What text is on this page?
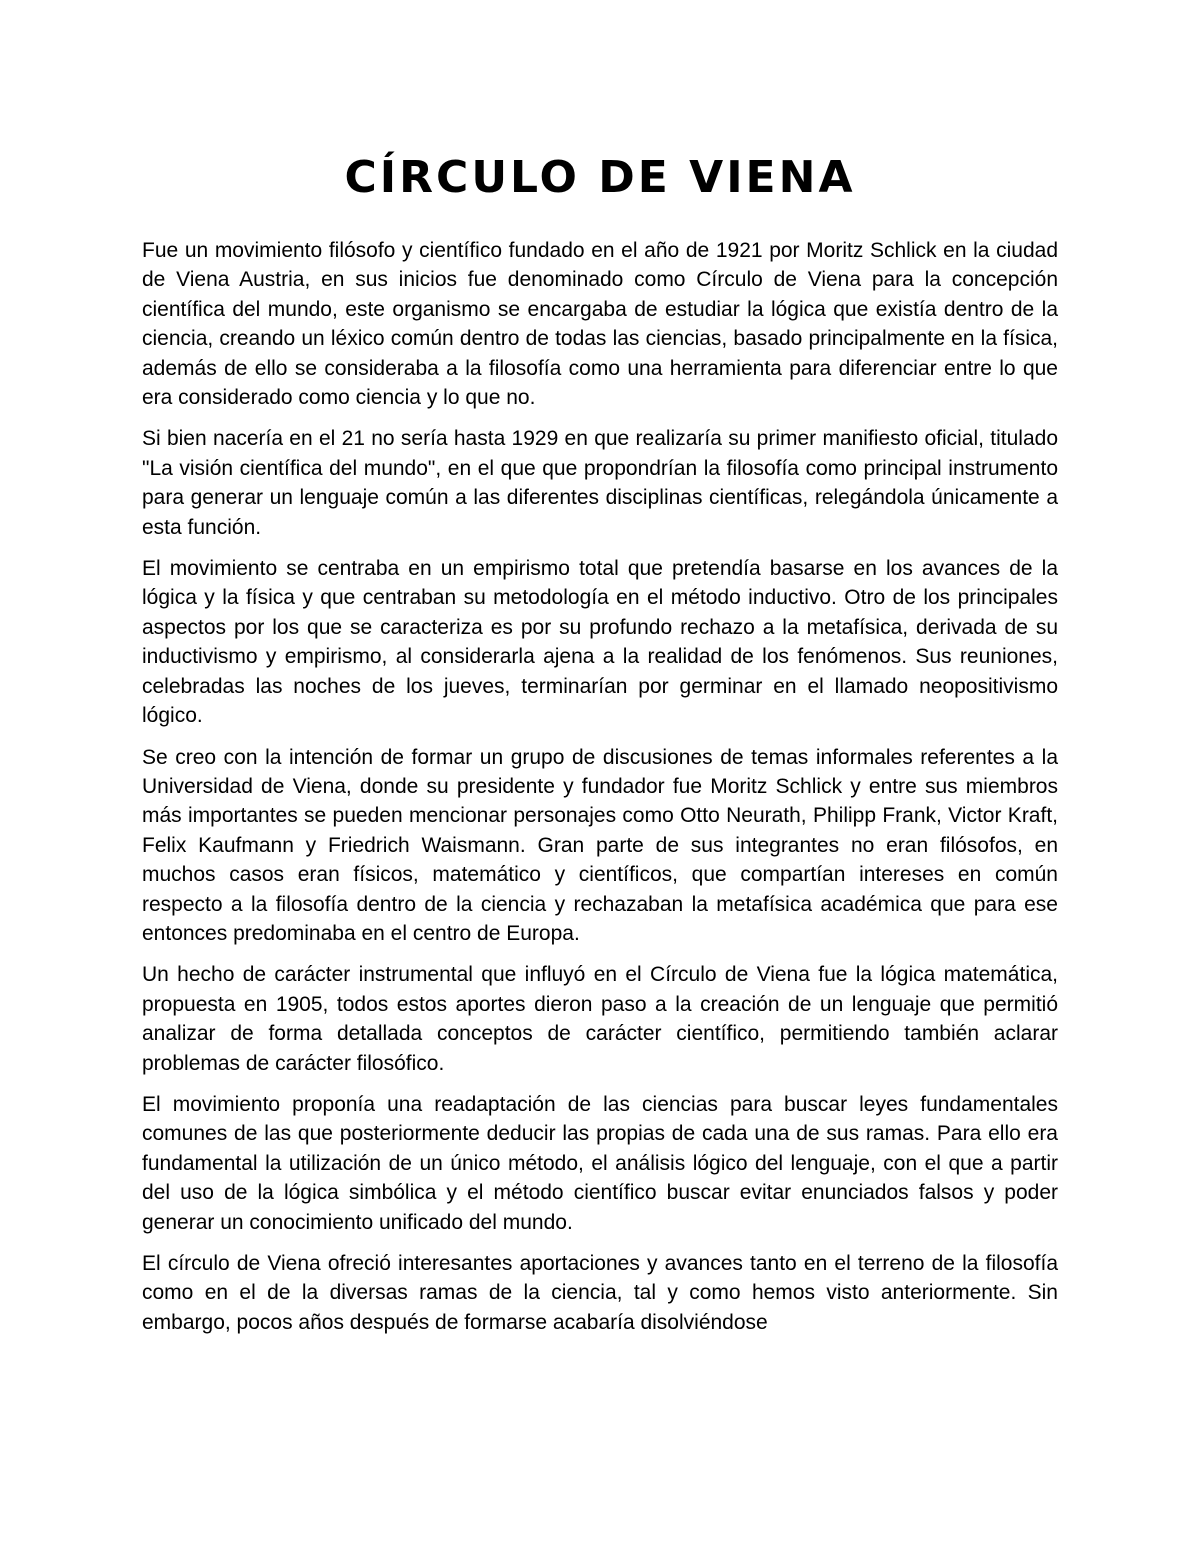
CÍRCULO DE VIENA

Fue un movimiento filósofo y científico fundado en el año de 1921 por Moritz Schlick en la ciudad de Viena Austria, en sus inicios fue denominado como Círculo de Viena para la concepción científica del mundo, este organismo se encargaba de estudiar la lógica que existía dentro de la ciencia, creando un léxico común dentro de todas las ciencias, basado principalmente en la física, además de ello se consideraba a la filosofía como una herramienta para diferenciar entre lo que era considerado como ciencia y lo que no.

Si bien nacería en el 21 no sería hasta 1929 en que realizaría su primer manifiesto oficial, titulado "La visión científica del mundo", en el que que propondrían la filosofía como principal instrumento para generar un lenguaje común a las diferentes disciplinas científicas, relegándola únicamente a esta función.

El movimiento se centraba en un empirismo total que pretendía basarse en los avances de la lógica y la física y que centraban su metodología en el método inductivo. Otro de los principales aspectos por los que se caracteriza es por su profundo rechazo a la metafísica, derivada de su inductivismo y empirismo, al considerarla ajena a la realidad de los fenómenos. Sus reuniones, celebradas las noches de los jueves, terminarían por germinar en el llamado neopositivismo lógico.

Se creo con la intención de formar un grupo de discusiones de temas informales referentes a la Universidad de Viena, donde su presidente y fundador fue Moritz Schlick y entre sus miembros más importantes se pueden mencionar personajes como Otto Neurath, Philipp Frank, Victor Kraft, Felix Kaufmann y Friedrich Waismann. Gran parte de sus integrantes no eran filósofos, en muchos casos eran físicos, matemático y científicos, que compartían intereses en común respecto a la filosofía dentro de la ciencia y rechazaban la metafísica académica que para ese entonces predominaba en el centro de Europa.

Un hecho de carácter instrumental que influyó en el Círculo de Viena fue la lógica matemática, propuesta en 1905, todos estos aportes dieron paso a la creación de un lenguaje que permitió analizar de forma detallada conceptos de carácter científico, permitiendo también aclarar problemas de carácter filosófico.

El movimiento proponía una readaptación de las ciencias para buscar leyes fundamentales comunes de las que posteriormente deducir las propias de cada una de sus ramas. Para ello era fundamental la utilización de un único método, el análisis lógico del lenguaje, con el que a partir del uso de la lógica simbólica y el método científico buscar evitar enunciados falsos y poder generar un conocimiento unificado del mundo.

El círculo de Viena ofreció interesantes aportaciones y avances tanto en el terreno de la filosofía como en el de la diversas ramas de la ciencia, tal y como hemos visto anteriormente. Sin embargo, pocos años después de formarse acabaría disolviéndose
